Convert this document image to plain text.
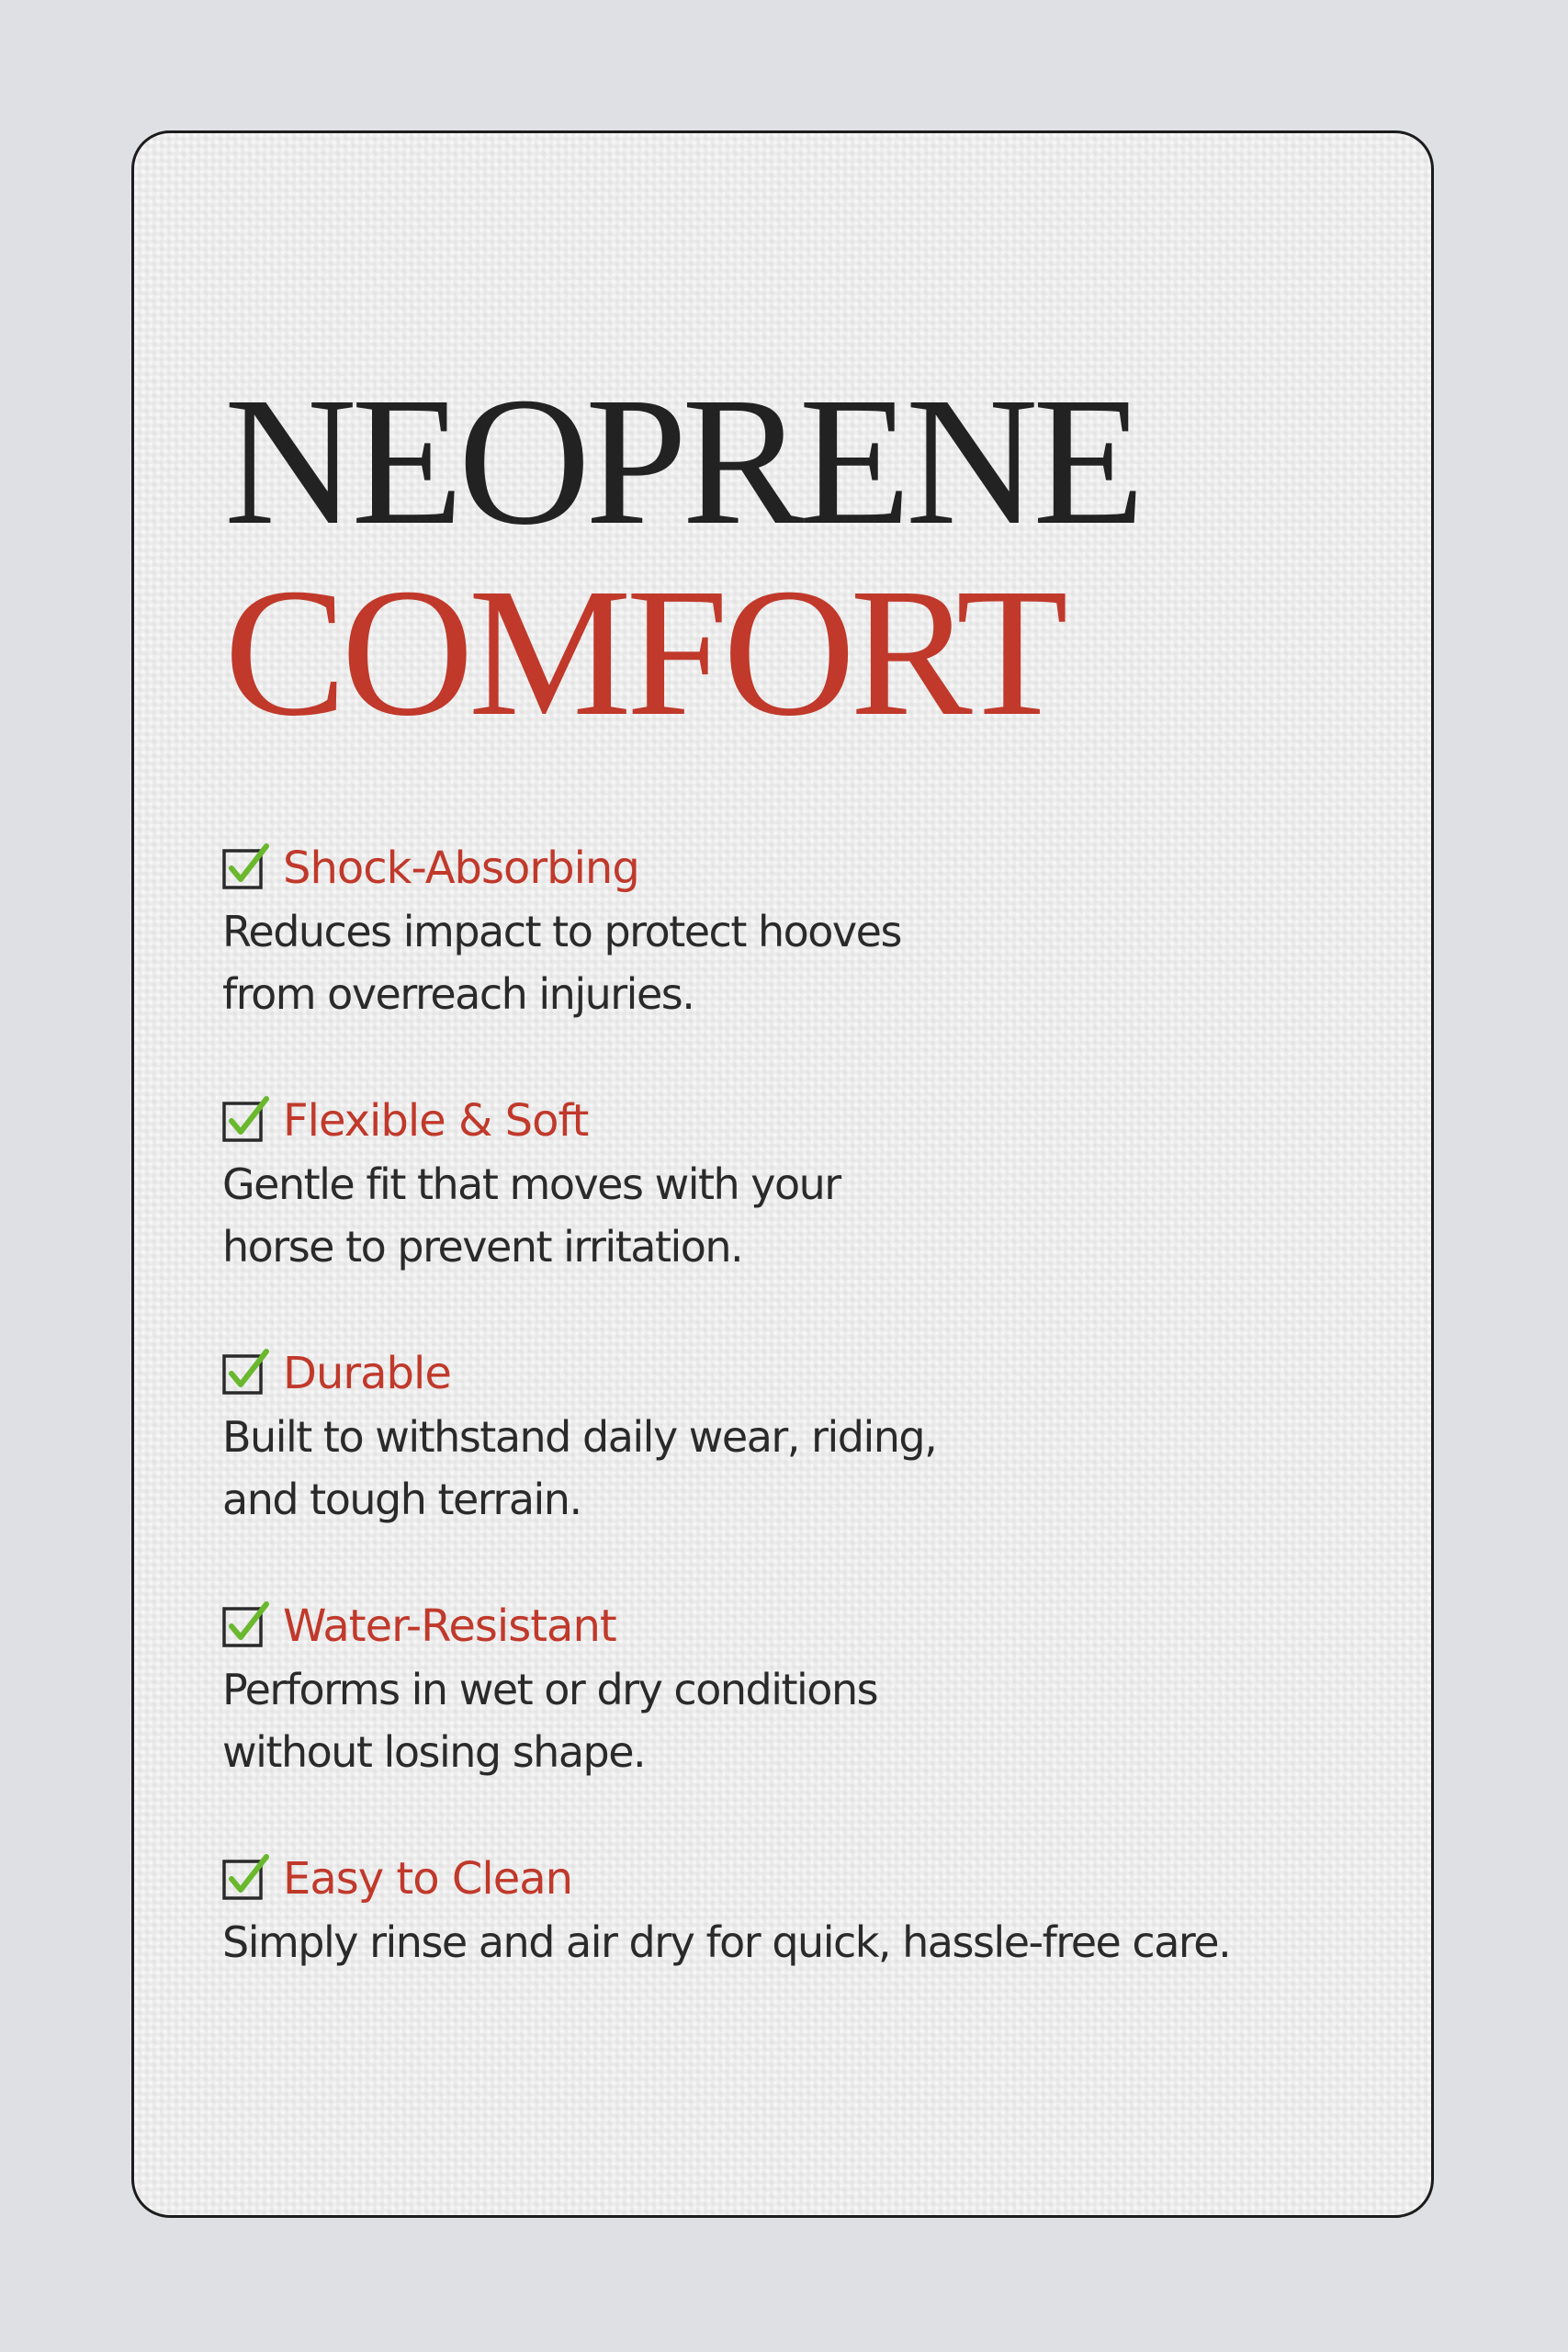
NEOPRENE
COMFORT
Shock-Absorbing
Reduces impact to protect hooves
from overreach injuries.
Flexible & Soft
Gentle fit that moves with your
horse to prevent irritation.
Durable
Built to withstand daily wear, riding,
and tough terrain.
Water-Resistant
Performs in wet or dry conditions
without losing shape.
Easy to Clean
Simply rinse and air dry for quick, hassle-free care.
